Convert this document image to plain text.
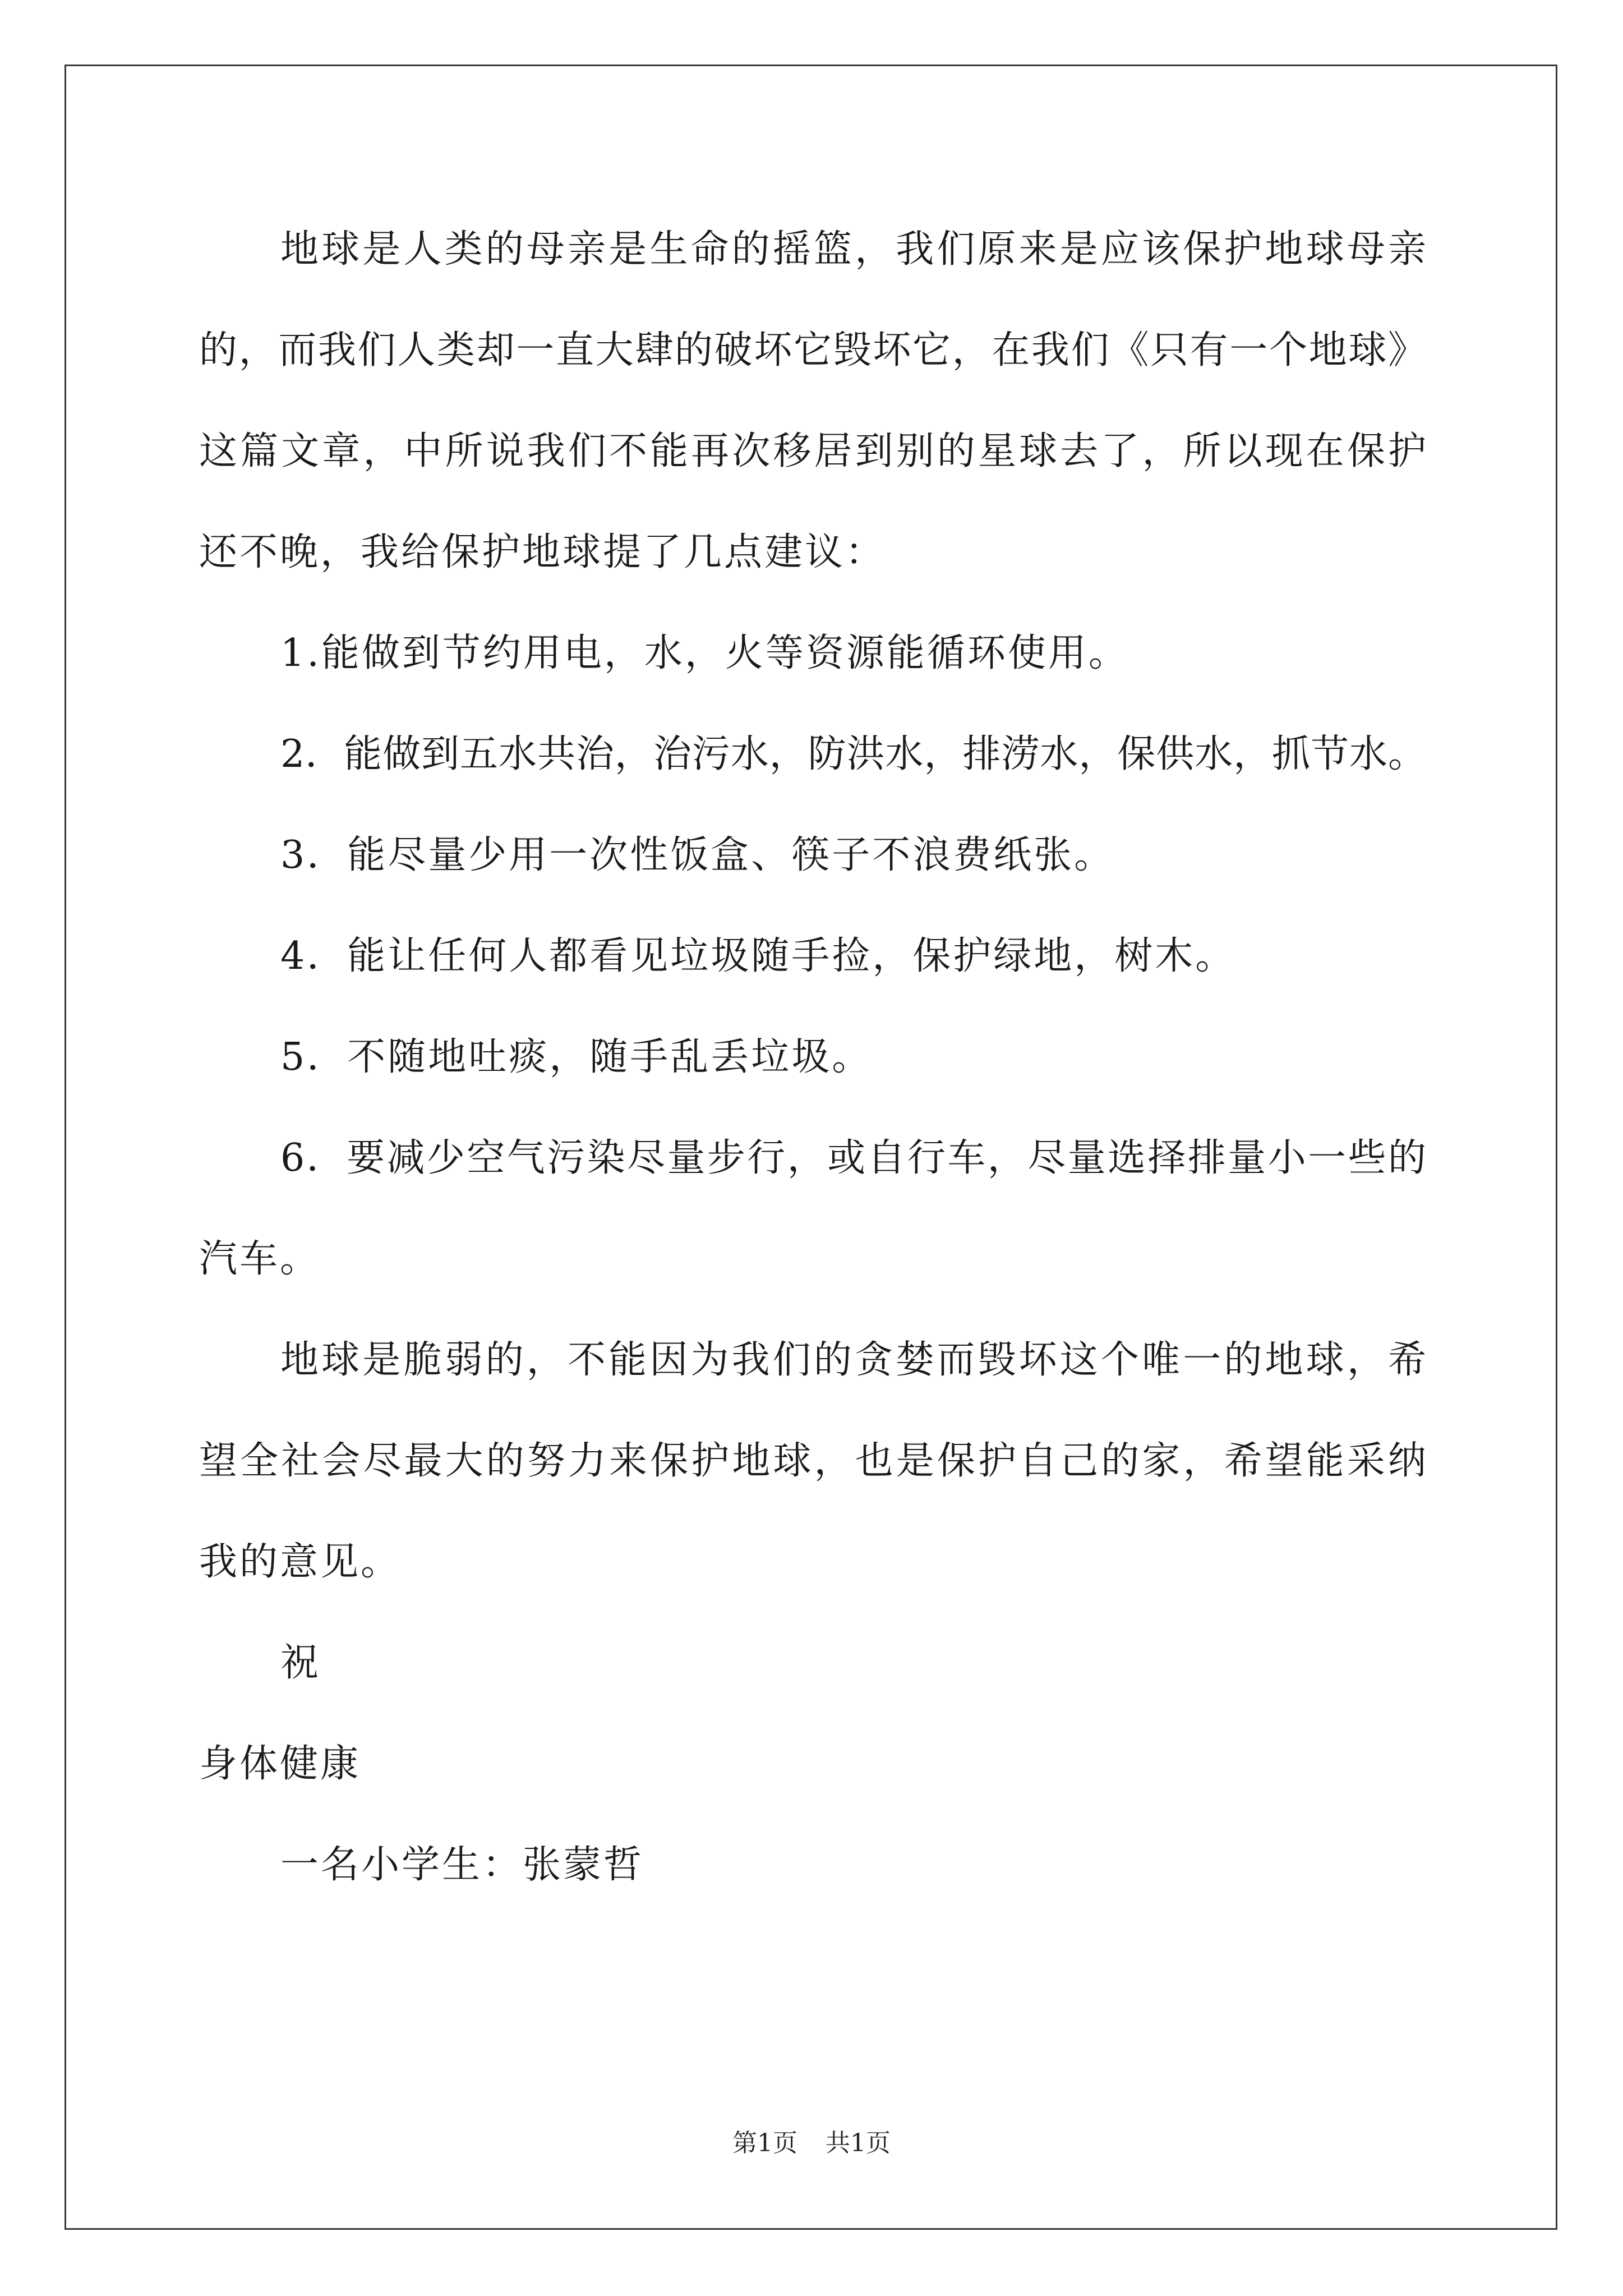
地球是人类的母亲是生命的摇篮，我们原来是应该保护地球母亲
的，而我们人类却一直大肆的破坏它毁坏它，在我们《只有一个地球》
这篇文章，中所说我们不能再次移居到别的星球去了，所以现在保护
还不晚，我给保护地球提了几点建议：
1.能做到节约用电，水，火等资源能循环使用。
2．能做到五水共治，治污水，防洪水，排涝水，保供水，抓节水。
3．能尽量少用一次性饭盒、筷子不浪费纸张。
4．能让任何人都看见垃圾随手捡，保护绿地，树木。
5．不随地吐痰，随手乱丢垃圾。
6．要减少空气污染尽量步行，或自行车，尽量选择排量小一些的
汽车。
地球是脆弱的，不能因为我们的贪婪而毁坏这个唯一的地球，希
望全社会尽最大的努力来保护地球，也是保护自己的家，希望能采纳
我的意见。
祝
身体健康
一名小学生：张蒙哲
第1页 共1页
